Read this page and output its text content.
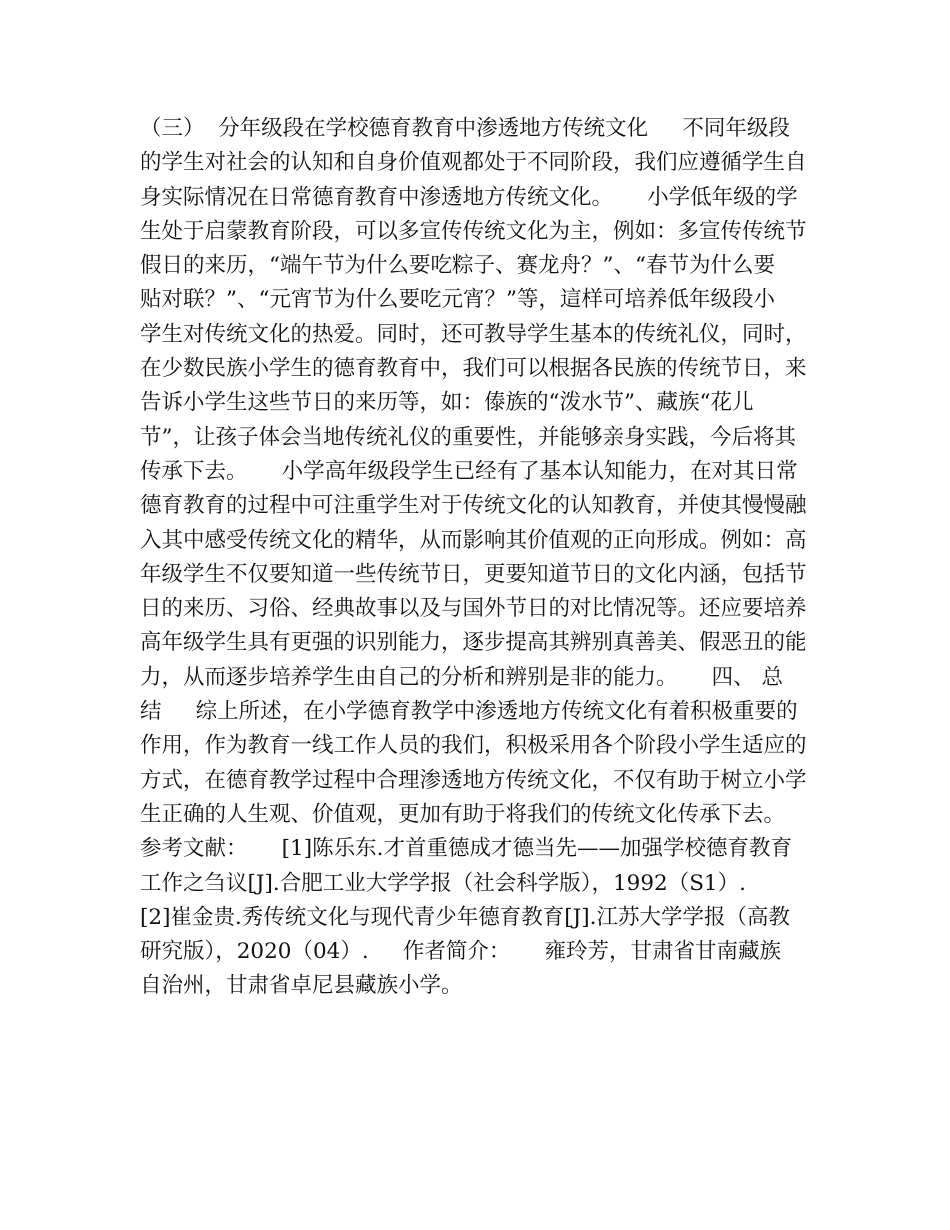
（三）  分年级段在学校德育教育中渗透地方传统文化     不同年级段
的学生对社会的认知和自身价值观都处于不同阶段，我们应遵循学生自
身实际情况在日常德育教育中渗透地方传统文化。     小学低年级的学
生处于启蒙教育阶段，可以多宣传传统文化为主，例如：多宣传传统节
假日的来历，“端午节为什么要吃粽子、赛龙舟？”、“春节为什么要
贴对联？”、“元宵节为什么要吃元宵？”等，這样可培养低年级段小
学生对传统文化的热爱。同时，还可教导学生基本的传统礼仪，同时，
在少数民族小学生的德育教育中，我们可以根据各民族的传统节日，来
告诉小学生这些节日的来历等，如：傣族的“泼水节”、藏族“花儿
节”，让孩子体会当地传统礼仪的重要性，并能够亲身实践，今后将其
传承下去。     小学高年级段学生已经有了基本认知能力，在对其日常
德育教育的过程中可注重学生对于传统文化的认知教育，并使其慢慢融
入其中感受传统文化的精华，从而影响其价值观的正向形成。例如：高
年级学生不仅要知道一些传统节日，更要知道节日的文化内涵，包括节
日的来历、习俗、经典故事以及与国外节日的对比情况等。还应要培养
高年级学生具有更强的识别能力，逐步提高其辨别真善美、假恶丑的能
力，从而逐步培养学生由自己的分析和辨别是非的能力。     四、 总
结     综上所述，在小学德育教学中渗透地方传统文化有着积极重要的
作用，作为教育一线工作人员的我们，积极采用各个阶段小学生适应的
方式，在德育教学过程中合理渗透地方传统文化，不仅有助于树立小学
生正确的人生观、价值观，更加有助于将我们的传统文化传承下去。
参考文献：     [1]陈乐东.才首重德成才德当先——加强学校德育教育
工作之刍议[J].合肥工业大学学报（社会科学版），1992（S1）.
[2]崔金贵.秀传统文化与现代青少年德育教育[J].江苏大学学报（高教
研究版），2020（04）.     作者简介：     雍玲芳，甘肃省甘南藏族
自治州，甘肃省卓尼县藏族小学。
